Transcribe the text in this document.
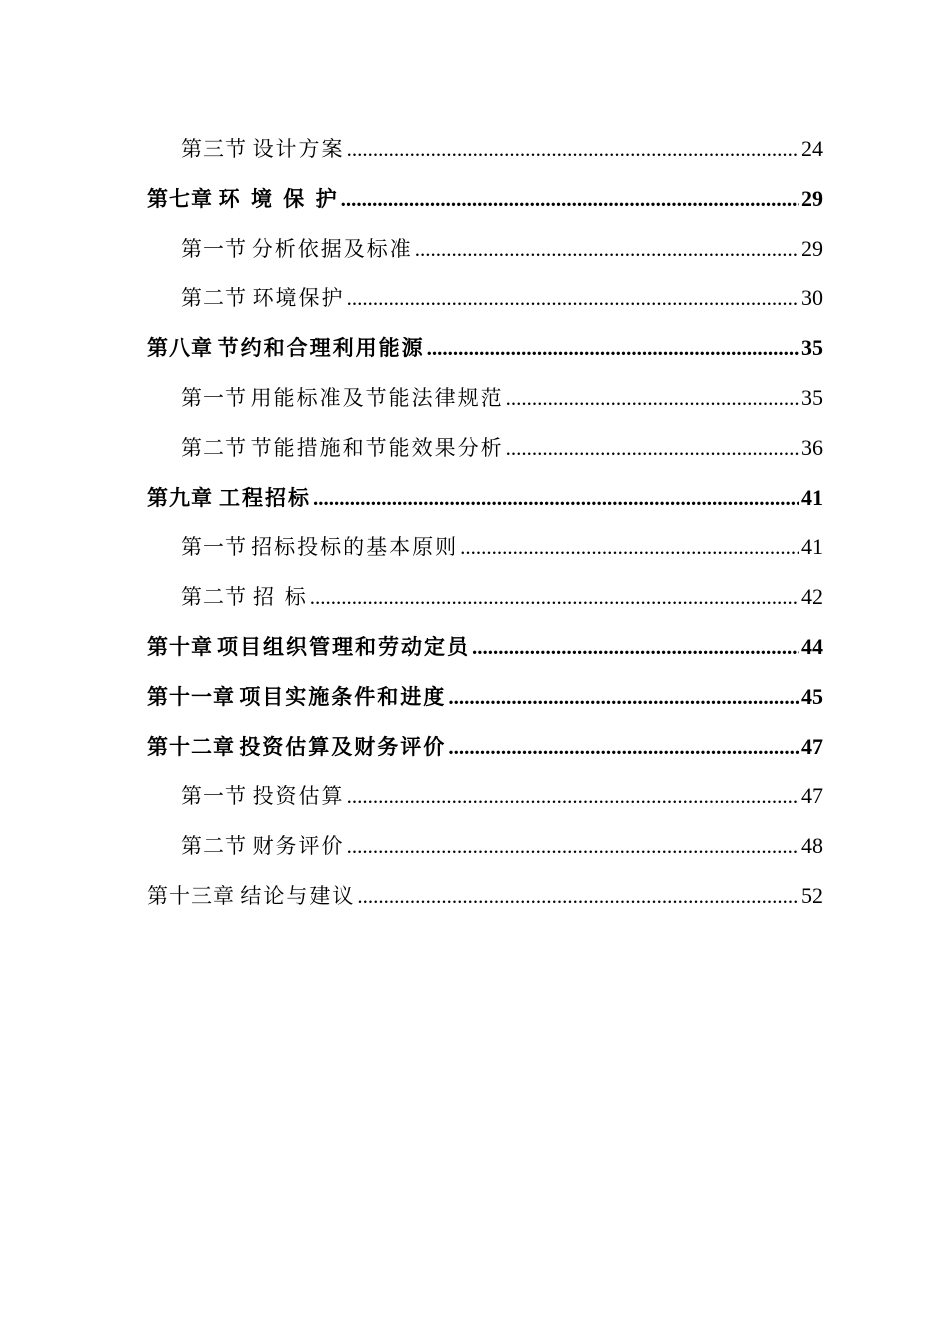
第三节 设计方案 .....	24
第七章 环 境 保 护 .....	29
第一节 分析依据及标准 .....	29
第二节 环境保护 .....	30
第八章 节约和合理利用能源 .....	35
第一节 用能标准及节能法律规范 .....	35
第二节 节能措施和节能效果分析 .....	36
第九章 工程招标 .....	41
第一节 招标投标的基本原则 .....	41
第二节 招 标 .....	42
第十章 项目组织管理和劳动定员 .....	44
第十一章 项目实施条件和进度 .....	45
第十二章 投资估算及财务评价 .....	47
第一节 投资估算 .....	47
第二节 财务评价 .....	48
第十三章 结论与建议 .....	52
